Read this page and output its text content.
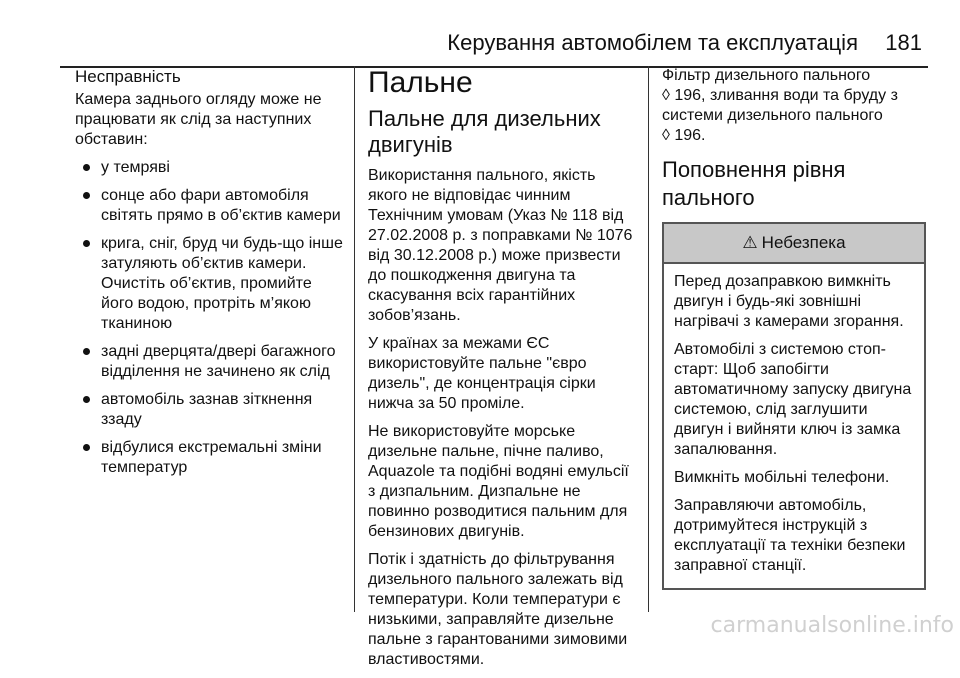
Керування автомобілем та експлуатація 181
Несправність

Камера заднього огляду може не працювати як слід за наступних обставин:

у темряві
сонце або фари автомобіля світять прямо в об’єктив камери
крига, сніг, бруд чи будь-що інше затуляють об’єктив камери. Очистіть об’єктив, промийте його водою, протріть м’якою тканиною
задні дверцята/двері багажного відділення не зачинено як слід
автомобіль зазнав зіткнення ззаду
відбулися екстремальні зміни температур
Пальне
Пальне для дизельних двигунів

Використання пального, якість якого не відповідає чинним Технічним умовам (Указ № 118 від 27.02.2008 р. з поправками № 1076 від 30.12.2008 р.) може призвести до пошкодження двигуна та скасування всіх гарантійних зобов’язань.

У країнах за межами ЄС використовуйте пальне "євро дизель", де концентрація сірки нижча за 50 проміле.

Не використовуйте морське дизельне пальне, пічне паливо, Aquazole та подібні водяні емульсії з дизпальним. Дизпальне не повинно розводитися пальним для бензинових двигунів.

Потік і здатність до фільтрування дизельного пального залежать від температури. Коли температури є низькими, заправляйте дизельне пальне з гарантованими зимовими властивостями.

Фільтр дизельного пального
◊ 196, зливання води та бруду з системи дизельного пального
◊ 196.
Поповнення рівня пального
⚠ Небезпека

Перед дозаправкою вимкніть двигун і будь-які зовнішні нагрівачі з камерами згорання.

Автомобілі з системою стоп-старт: Щоб запобігти автоматичному запуску двигуна системою, слід заглушити двигун і вийняти ключ із замка запалювання.

Вимкніть мобільні телефони.

Заправляючи автомобіль, дотримуйтеся інструкцій з експлуатації та техніки безпеки заправної станції.

carmanualsonline.info
